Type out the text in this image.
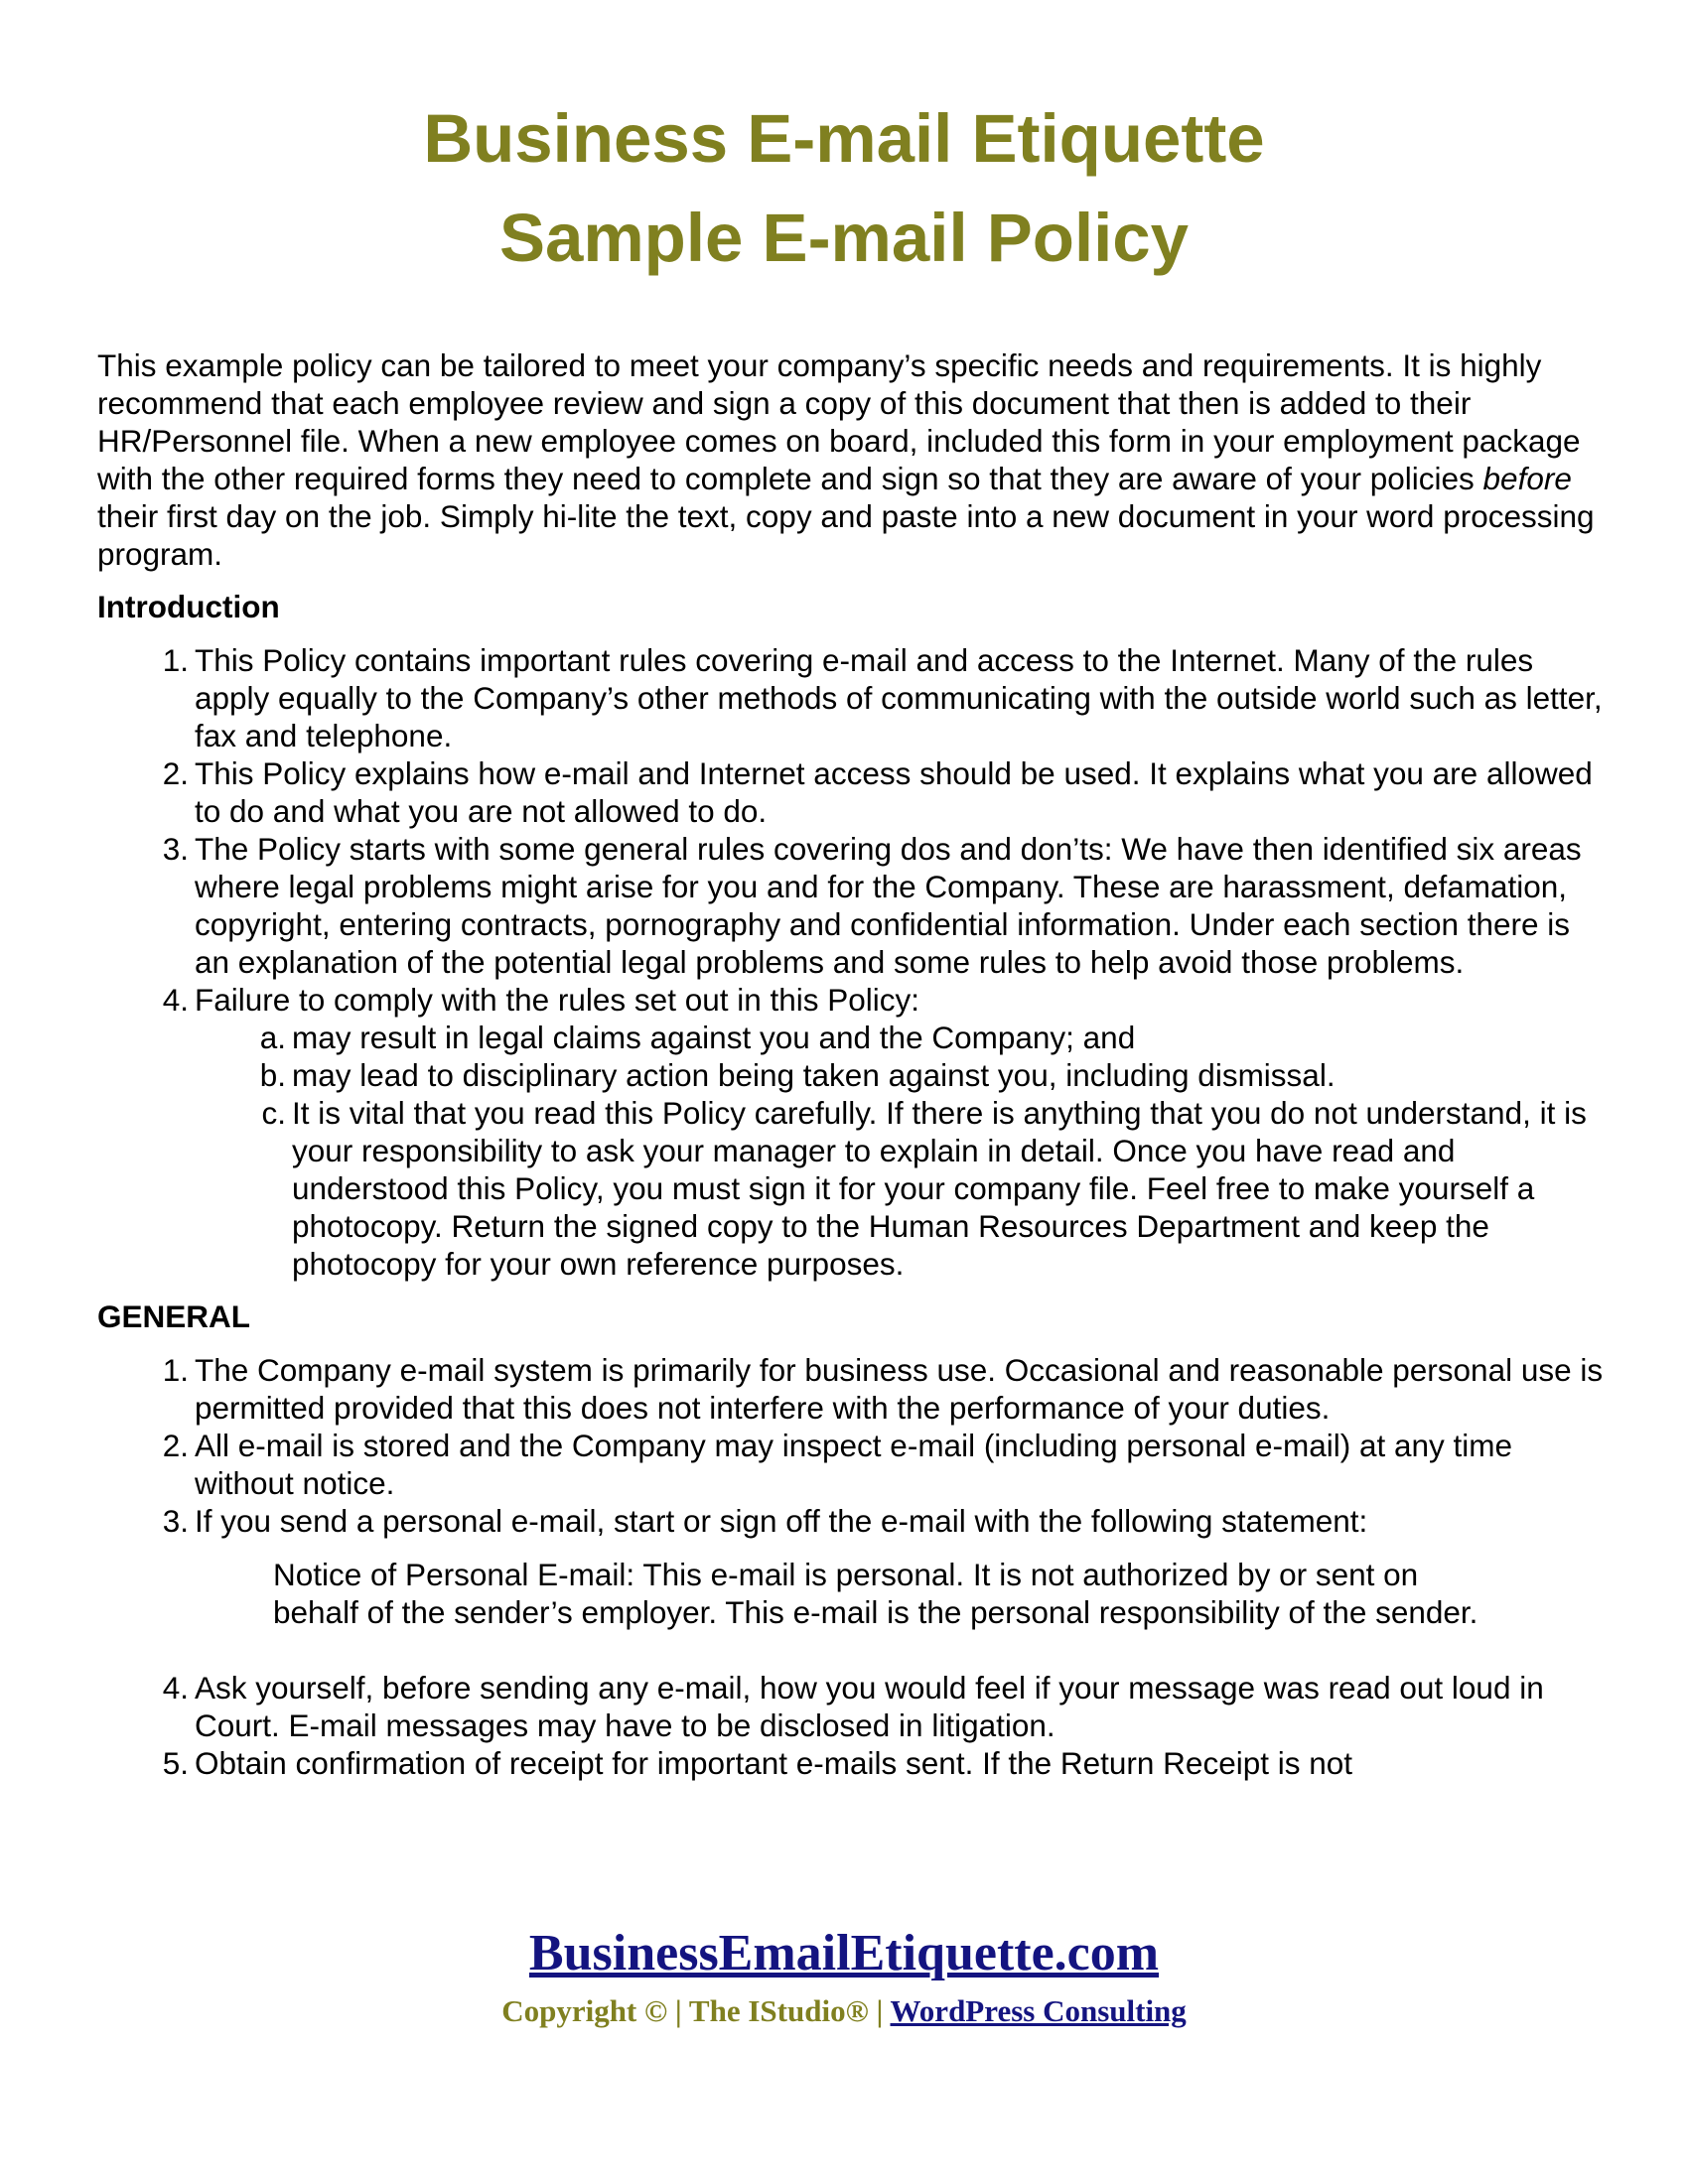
Business E-mail Etiquette
Sample E-mail Policy

This example policy can be tailored to meet your company’s specific needs and requirements. It is highly recommend that each employee review and sign a copy of this document that then is added to their HR/Personnel file. When a new employee comes on board, included this form in your employment package with the other required forms they need to complete and sign so that they are aware of your policies before their first day on the job. Simply hi-lite the text, copy and paste into a new document in your word processing program.

Introduction

1. This Policy contains important rules covering e-mail and access to the Internet. Many of the rules apply equally to the Company’s other methods of communicating with the outside world such as letter, fax and telephone.
2. This Policy explains how e-mail and Internet access should be used. It explains what you are allowed to do and what you are not allowed to do.
3. The Policy starts with some general rules covering dos and don’ts: We have then identified six areas where legal problems might arise for you and for the Company. These are harassment, defamation, copyright, entering contracts, pornography and confidential information. Under each section there is an explanation of the potential legal problems and some rules to help avoid those problems.
4. Failure to comply with the rules set out in this Policy:
a. may result in legal claims against you and the Company; and
b. may lead to disciplinary action being taken against you, including dismissal.
c. It is vital that you read this Policy carefully. If there is anything that you do not understand, it is your responsibility to ask your manager to explain in detail. Once you have read and understood this Policy, you must sign it for your company file. Feel free to make yourself a photocopy. Return the signed copy to the Human Resources Department and keep the photocopy for your own reference purposes.

GENERAL

1. The Company e-mail system is primarily for business use. Occasional and reasonable personal use is permitted provided that this does not interfere with the performance of your duties.
2. All e-mail is stored and the Company may inspect e-mail (including personal e-mail) at any time without notice.
3. If you send a personal e-mail, start or sign off the e-mail with the following statement:

Notice of Personal E-mail: This e-mail is personal. It is not authorized by or sent on behalf of the sender’s employer. This e-mail is the personal responsibility of the sender.

4. Ask yourself, before sending any e-mail, how you would feel if your message was read out loud in Court. E-mail messages may have to be disclosed in litigation.
5. Obtain confirmation of receipt for important e-mails sent. If the Return Receipt is not

BusinessEmailEtiquette.com

Copyright © | The IStudio® | WordPress Consulting
